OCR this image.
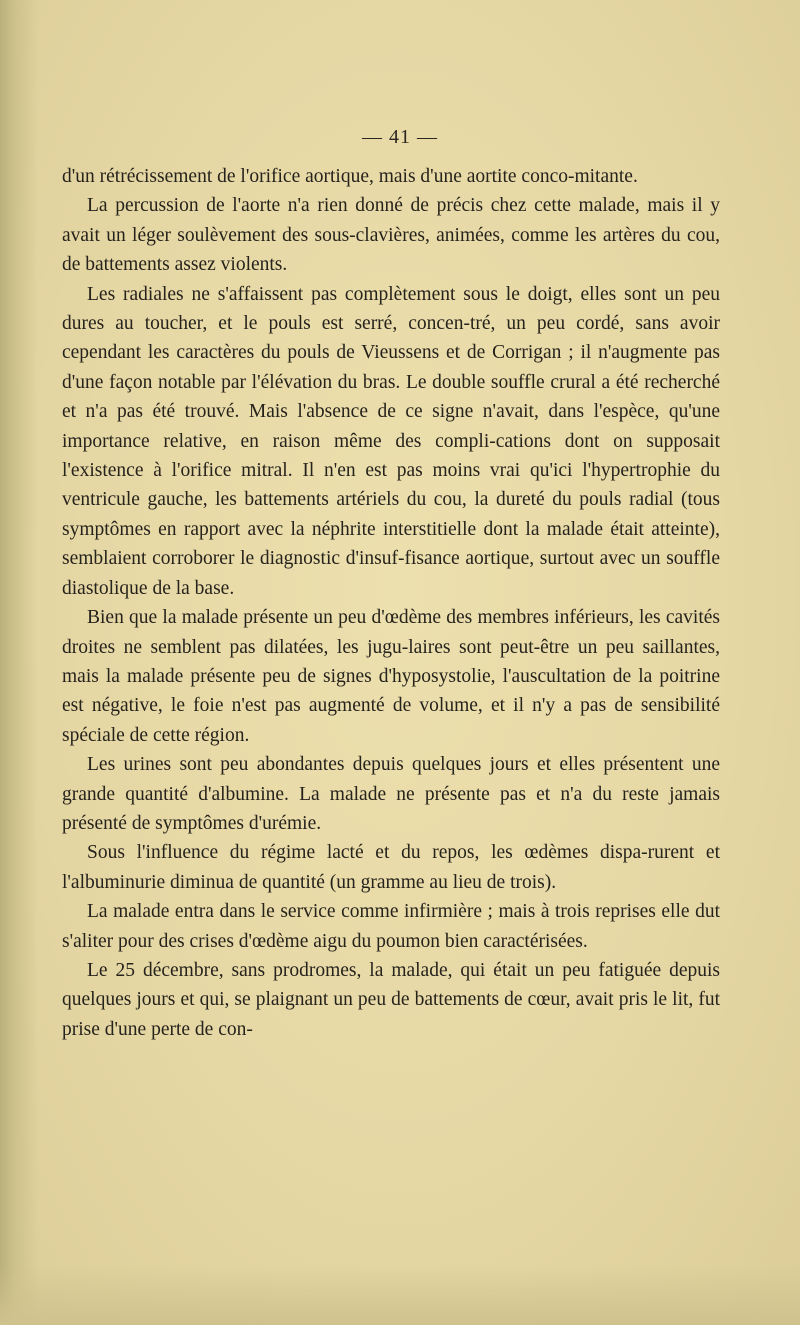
— 41 —

d'un rétrécissement de l'orifice aortique, mais d'une aortite conco-mitante.

La percussion de l'aorte n'a rien donné de précis chez cette malade, mais il y avait un léger soulèvement des sous-clavières, animées, comme les artères du cou, de battements assez violents.

Les radiales ne s'affaissent pas complètement sous le doigt, elles sont un peu dures au toucher, et le pouls est serré, concen-tré, un peu cordé, sans avoir cependant les caractères du pouls de Vieussens et de Corrigan ; il n'augmente pas d'une façon notable par l'élévation du bras. Le double souffle crural a été recherché et n'a pas été trouvé. Mais l'absence de ce signe n'avait, dans l'espèce, qu'une importance relative, en raison même des compli-cations dont on supposait l'existence à l'orifice mitral. Il n'en est pas moins vrai qu'ici l'hypertrophie du ventricule gauche, les battements artériels du cou, la dureté du pouls radial (tous symptômes en rapport avec la néphrite interstitielle dont la malade était atteinte), semblaient corroborer le diagnostic d'insuf-fisance aortique, surtout avec un souffle diastolique de la base.

Bien que la malade présente un peu d'œdème des membres inférieurs, les cavités droites ne semblent pas dilatées, les jugu-laires sont peut-être un peu saillantes, mais la malade présente peu de signes d'hyposystolie, l'auscultation de la poitrine est négative, le foie n'est pas augmenté de volume, et il n'y a pas de sensibilité spéciale de cette région.

Les urines sont peu abondantes depuis quelques jours et elles présentent une grande quantité d'albumine. La malade ne présente pas et n'a du reste jamais présenté de symptômes d'urémie.

Sous l'influence du régime lacté et du repos, les œdèmes dispa-rurent et l'albuminurie diminua de quantité (un gramme au lieu de trois).

La malade entra dans le service comme infirmière ; mais à trois reprises elle dut s'aliter pour des crises d'œdème aigu du poumon bien caractérisées.

Le 25 décembre, sans prodromes, la malade, qui était un peu fatiguée depuis quelques jours et qui, se plaignant un peu de battements de cœur, avait pris le lit, fut prise d'une perte de con-
